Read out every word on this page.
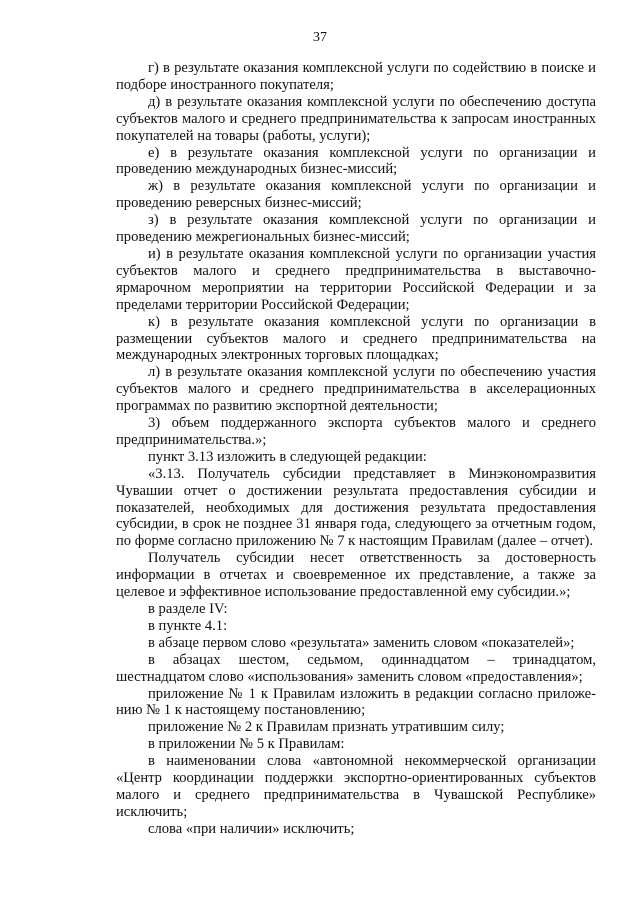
37

г) в результате оказания комплексной услуги по содействию в поиске и подборе иностранного покупателя;

д) в результате оказания комплексной услуги по обеспечению доступа субъектов малого и среднего предпринимательства к запросам иностранных покупателей на товары (работы, услуги);

е) в результате оказания комплексной услуги по организации и проведению международных бизнес-миссий;

ж) в результате оказания комплексной услуги по организации и проведению реверсных бизнес-миссий;

з) в результате оказания комплексной услуги по организации и проведению межрегиональных бизнес-миссий;

и) в результате оказания комплексной услуги по организации участия субъектов малого и среднего предпринимательства в выставочно-ярмарочном мероприятии на территории Российской Федерации и за пределами территории Российской Федерации;

к) в результате оказания комплексной услуги по организации в размещении субъектов малого и среднего предпринимательства на международных электронных торговых площадках;

л) в результате оказания комплексной услуги по обеспечению участия субъектов малого и среднего предпринимательства в акселерационных программах по развитию экспортной деятельности;

3) объем поддержанного экспорта субъектов малого и среднего предпринимательства.»;

пункт 3.13 изложить в следующей редакции:

«3.13. Получатель субсидии представляет в Минэкономразвития Чувашии отчет о достижении результата предоставления субсидии и показателей, необходимых для достижения результата предоставления субсидии, в срок не позднее 31 января года, следующего за отчетным годом, по форме согласно приложению № 7 к настоящим Правилам (далее – отчет).

Получатель субсидии несет ответственность за достоверность информации в отчетах и своевременное их представление, а также за целевое и эффективное использование предоставленной ему субсидии.»;

в разделе IV:

в пункте 4.1:

в абзаце первом слово «результата» заменить словом «показателей»;

в абзацах шестом, седьмом, одиннадцатом – тринадцатом, шестнадцатом слово «использования» заменить словом «предоставления»;

приложение № 1 к Правилам изложить в редакции согласно приложению № 1 к настоящему постановлению;

приложение № 2 к Правилам признать утратившим силу;

в приложении № 5 к Правилам:

в наименовании слова «автономной некоммерческой организации «Центр координации поддержки экспортно-ориентированных субъектов малого и среднего предпринимательства в Чувашской Республике» исключить;

слова «при наличии» исключить;
